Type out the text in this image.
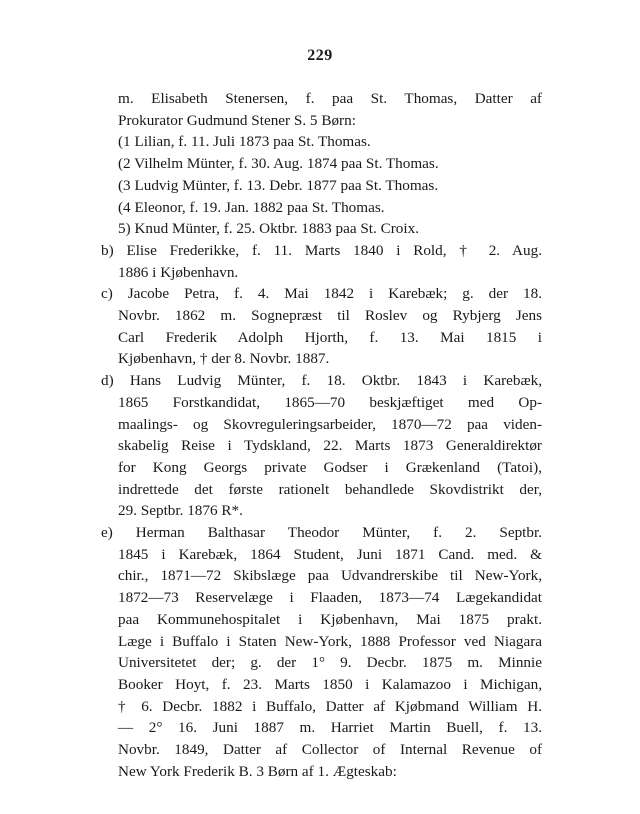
229
m. Elisabeth Stenersen, f. paa St. Thomas, Datter af
Prokurator Gudmund Stener S. 5 Børn:
(1 Lilian, f. 11. Juli 1873 paa St. Thomas.
(2 Vilhelm Münter, f. 30. Aug. 1874 paa St. Thomas.
(3 Ludvig Münter, f. 13. Debr. 1877 paa St. Thomas.
(4 Eleonor, f. 19. Jan. 1882 paa St. Thomas.
5) Knud Münter, f. 25. Oktbr. 1883 paa St. Croix.
b) Elise Frederikke, f. 11. Marts 1840 i Rold, † 2. Aug.
1886 i Kjøbenhavn.
c) Jacobe Petra, f. 4. Mai 1842 i Karebæk; g. der 18.
Novbr. 1862 m. Sognepræst til Roslev og Rybjerg Jens
Carl Frederik Adolph Hjorth, f. 13. Mai 1815 i
Kjøbenhavn, † der 8. Novbr. 1887.
d) Hans Ludvig Münter, f. 18. Oktbr. 1843 i Karebæk,
1865 Forstkandidat, 1865—70 beskjæftiget med Op-
maalings- og Skovreguleringsarbeider, 1870—72 paa viden-
skabelig Reise i Tydskland, 22. Marts 1873 Generaldirektør
for Kong Georgs private Godser i Grækenland (Tatoi),
indrettede det første rationelt behandlede Skovdistrikt der,
29. Septbr. 1876 R*.
e) Herman Balthasar Theodor Münter, f. 2. Septbr.
1845 i Karebæk, 1864 Student, Juni 1871 Cand. med. &
chir., 1871—72 Skibslæge paa Udvandrerskibe til New-York,
1872—73 Reservelæge i Flaaden, 1873—74 Lægekandidat
paa Kommunehospitalet i Kjøbenhavn, Mai 1875 prakt.
Læge i Buffalo i Staten New-York, 1888 Professor ved Niagara
Universitetet der; g. der 1° 9. Decbr. 1875 m. Minnie
Booker Hoyt, f. 23. Marts 1850 i Kalamazoo i Michigan,
† 6. Decbr. 1882 i Buffalo, Datter af Kjøbmand William H.
— 2° 16. Juni 1887 m. Harriet Martin Buell, f. 13.
Novbr. 1849, Datter af Collector of Internal Revenue of
New York Frederik B. 3 Børn af 1. Ægteskab:
